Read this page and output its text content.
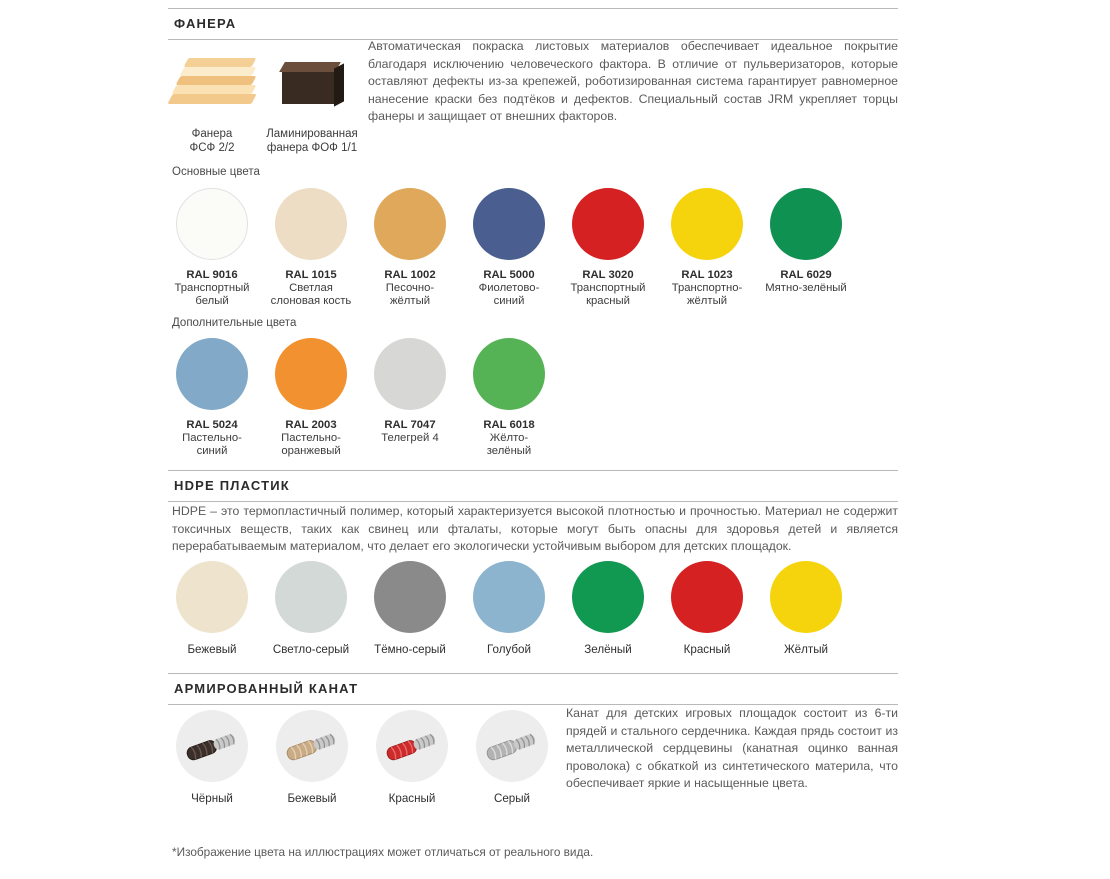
ФАНЕРА
Фанера
ФСФ 2/2
Ламинированная
фанера ФОФ 1/1
Автоматическая покраска листовых материалов обеспечивает идеальное покрытие благодаря исключению человеческого фактора. В отличие от пульверизаторов, которые оставляют дефекты из-за крепежей, роботизированная система гарантирует равномерное нанесение краски без подтёков и дефектов. Специальный состав JRM укрепляет торцы фанеры и защищает от внешних факторов.
Основные цвета
RAL 9016
Транспортный
белый
RAL 1015
Светлая
слоновая кость
RAL 1002
Песочно-
жёлтый
RAL 5000
Фиолетово-
синий
RAL 3020
Транспортный
красный
RAL 1023
Транспортно-
жёлтый
RAL 6029
Мятно-зелёный
Дополнительные цвета
RAL 5024
Пастельно-
синий
RAL 2003
Пастельно-
оранжевый
RAL 7047
Телегрей 4
RAL 6018
Жёлто-
зелёный
HDPE ПЛАСТИК
HDPE – это термопластичный полимер, который характеризуется высокой плотностью и прочностью. Материал не содержит токсичных веществ, таких как свинец или фталаты, которые могут быть опасны для здоровья детей и является перерабатываемым материалом, что делает его экологически устойчивым выбором для детских площадок.
Бежевый	Светло-серый	Тёмно-серый	Голубой	Зелёный	Красный	Жёлтый
АРМИРОВАННЫЙ КАНАТ
Канат для детских игровых площадок состоит из 6-ти прядей и стального сердечника. Каждая прядь состоит из металлической сердцевины (канатная оцинко ванная проволока) с обкаткой из синтетического материла, что обеспечивает яркие и насыщенные цвета.
Чёрный	Бежевый	Красный	Серый
*Изображение цвета на иллюстрациях может отличаться от реального вида.
